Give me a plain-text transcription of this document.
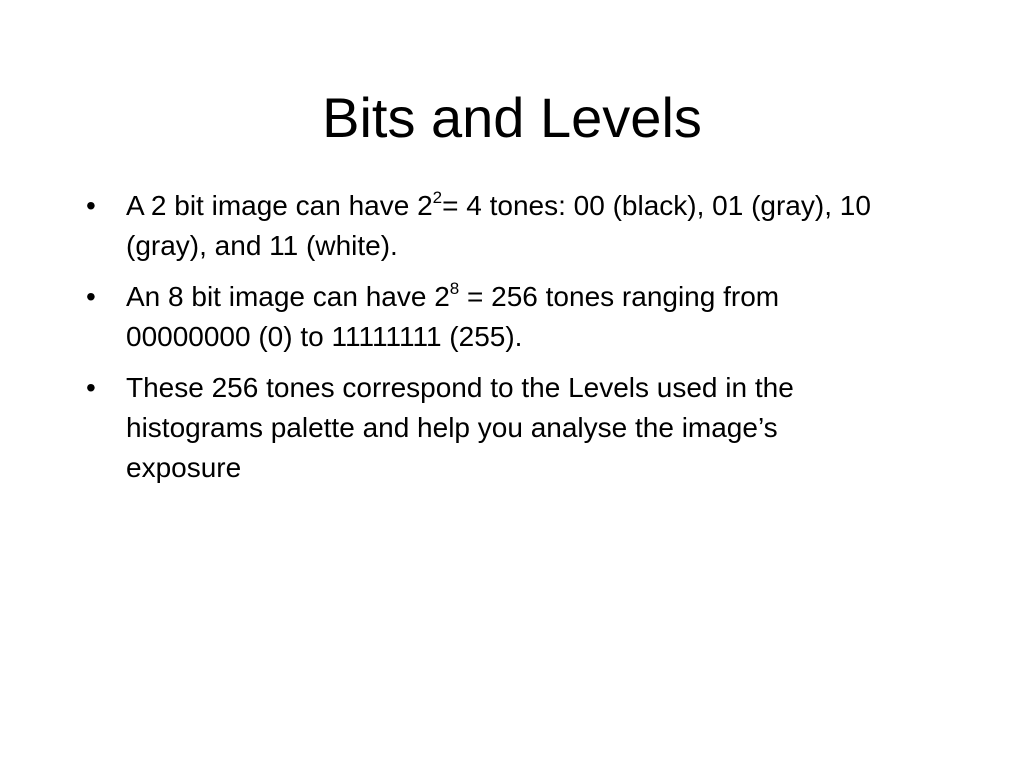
Bits and Levels
• A 2 bit image can have $2^2= 4$ tones: 00 (black), 01 (gray), 10 (gray), and 11 (white).
• An 8 bit image can have $2^8 = 256$ tones ranging from 00000000 (0) to 11111111 (255).
• These 256 tones correspond to the Levels used in the histograms palette and help you analyse the image’s exposure
